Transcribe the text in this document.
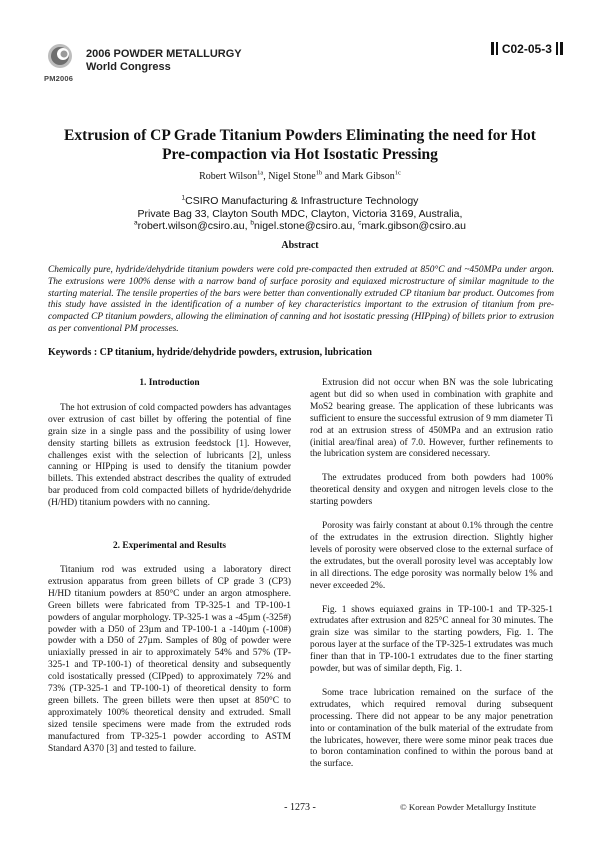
2006 POWDER METALLURGY
World Congress
PM2006
C02-05-3
Extrusion of CP Grade Titanium Powders Eliminating the need for Hot
Pre-compaction via Hot Isostatic Pressing
Robert Wilson$^{1a}$, Nigel Stone$^{1b}$ and Mark Gibson$^{1c}$
$^1$CSIRO Manufacturing & Infrastructure Technology
Private Bag 33, Clayton South MDC, Clayton, Victoria 3169, Australia,
$^a$robert.wilson@csiro.au, $^b$nigel.stone@csiro.au, $^c$mark.gibson@csiro.au
Abstract
Chemically pure, hydride/dehydride titanium powders were cold pre-compacted then extruded at 850°C and ~450MPa under argon. The extrusions were 100% dense with a narrow band of surface porosity and equiaxed microstructure of similar magnitude to the starting material. The tensile properties of the bars were better than conventionally extruded CP titanium bar product. Outcomes from this study have assisted in the identification of a number of key characteristics important to the extrusion of titanium from pre-compacted CP titanium powders, allowing the elimination of canning and hot isostatic pressing (HIPping) of billets prior to extrusion as per conventional PM processes.
Keywords : CP titanium, hydride/dehydride powders, extrusion, lubrication

1. Introduction

The hot extrusion of cold compacted powders has advantages over extrusion of cast billet by offering the potential of fine grain size in a single pass and the possibility of using lower density starting billets as extrusion feedstock [1]. However, challenges exist with the selection of lubricants [2], unless canning or HIPping is used to densify the titanium powder billets. This extended abstract describes the quality of extruded bar produced from cold compacted billets of hydride/dehydride (H/HD) titanium powders with no canning.

2. Experimental and Results

Titanium rod was extruded using a laboratory direct extrusion apparatus from green billets of CP grade 3 (CP3) H/HD titanium powders at 850°C under an argon atmosphere. Green billets were fabricated from TP-325-1 and TP-100-1 powders of angular morphology. TP-325-1 was a -45µm (-325#) powder with a D50 of 23µm and TP-100-1 a -140µm (-100#) powder with a D50 of 27µm. Samples of 80g of powder were uniaxially pressed in air to approximately 54% and 57% (TP-325-1 and TP-100-1) of theoretical density and subsequently cold isostatically pressed (CIPped) to approximately 72% and 73% (TP-325-1 and TP-100-1) of theoretical density to form green billets. The green billets were then upset at 850°C to approximately 100% theoretical density and extruded. Small sized tensile specimens were made from the extruded rods manufactured from TP-325-1 powder according to ASTM Standard A370 [3] and tested to failure.

Extrusion did not occur when BN was the sole lubricating agent but did so when used in combination with graphite and MoS2 bearing grease. The application of these lubricants was sufficient to ensure the successful extrusion of 9 mm diameter Ti rod at an extrusion stress of 450MPa and an extrusion ratio (initial area/final area) of 7.0. However, further refinements to the lubrication system are considered necessary.

The extrudates produced from both powders had 100% theoretical density and oxygen and nitrogen levels close to the starting powders

Porosity was fairly constant at about 0.1% through the centre of the extrudates in the extrusion direction. Slightly higher levels of porosity were observed close to the external surface of the extrudates, but the overall porosity level was acceptably low in all directions. The edge porosity was normally below 1% and never exceeded 2%.

Fig. 1 shows equiaxed grains in TP-100-1 and TP-325-1 extrudates after extrusion and 825°C anneal for 30 minutes. The grain size was similar to the starting powders, Fig. 1. The porous layer at the surface of the TP-325-1 extrudates was much finer than that in TP-100-1 extrudates due to the finer starting powder, but was of similar depth, Fig. 1.

Some trace lubrication remained on the surface of the extrudates, which required removal during subsequent processing. There did not appear to be any major penetration into or contamination of the bulk material of the extrudate from the lubricates, however, there were some minor peak traces due to boron contamination confined to within the porous band at the surface.

- 1273 -	© Korean Powder Metallurgy Institute
